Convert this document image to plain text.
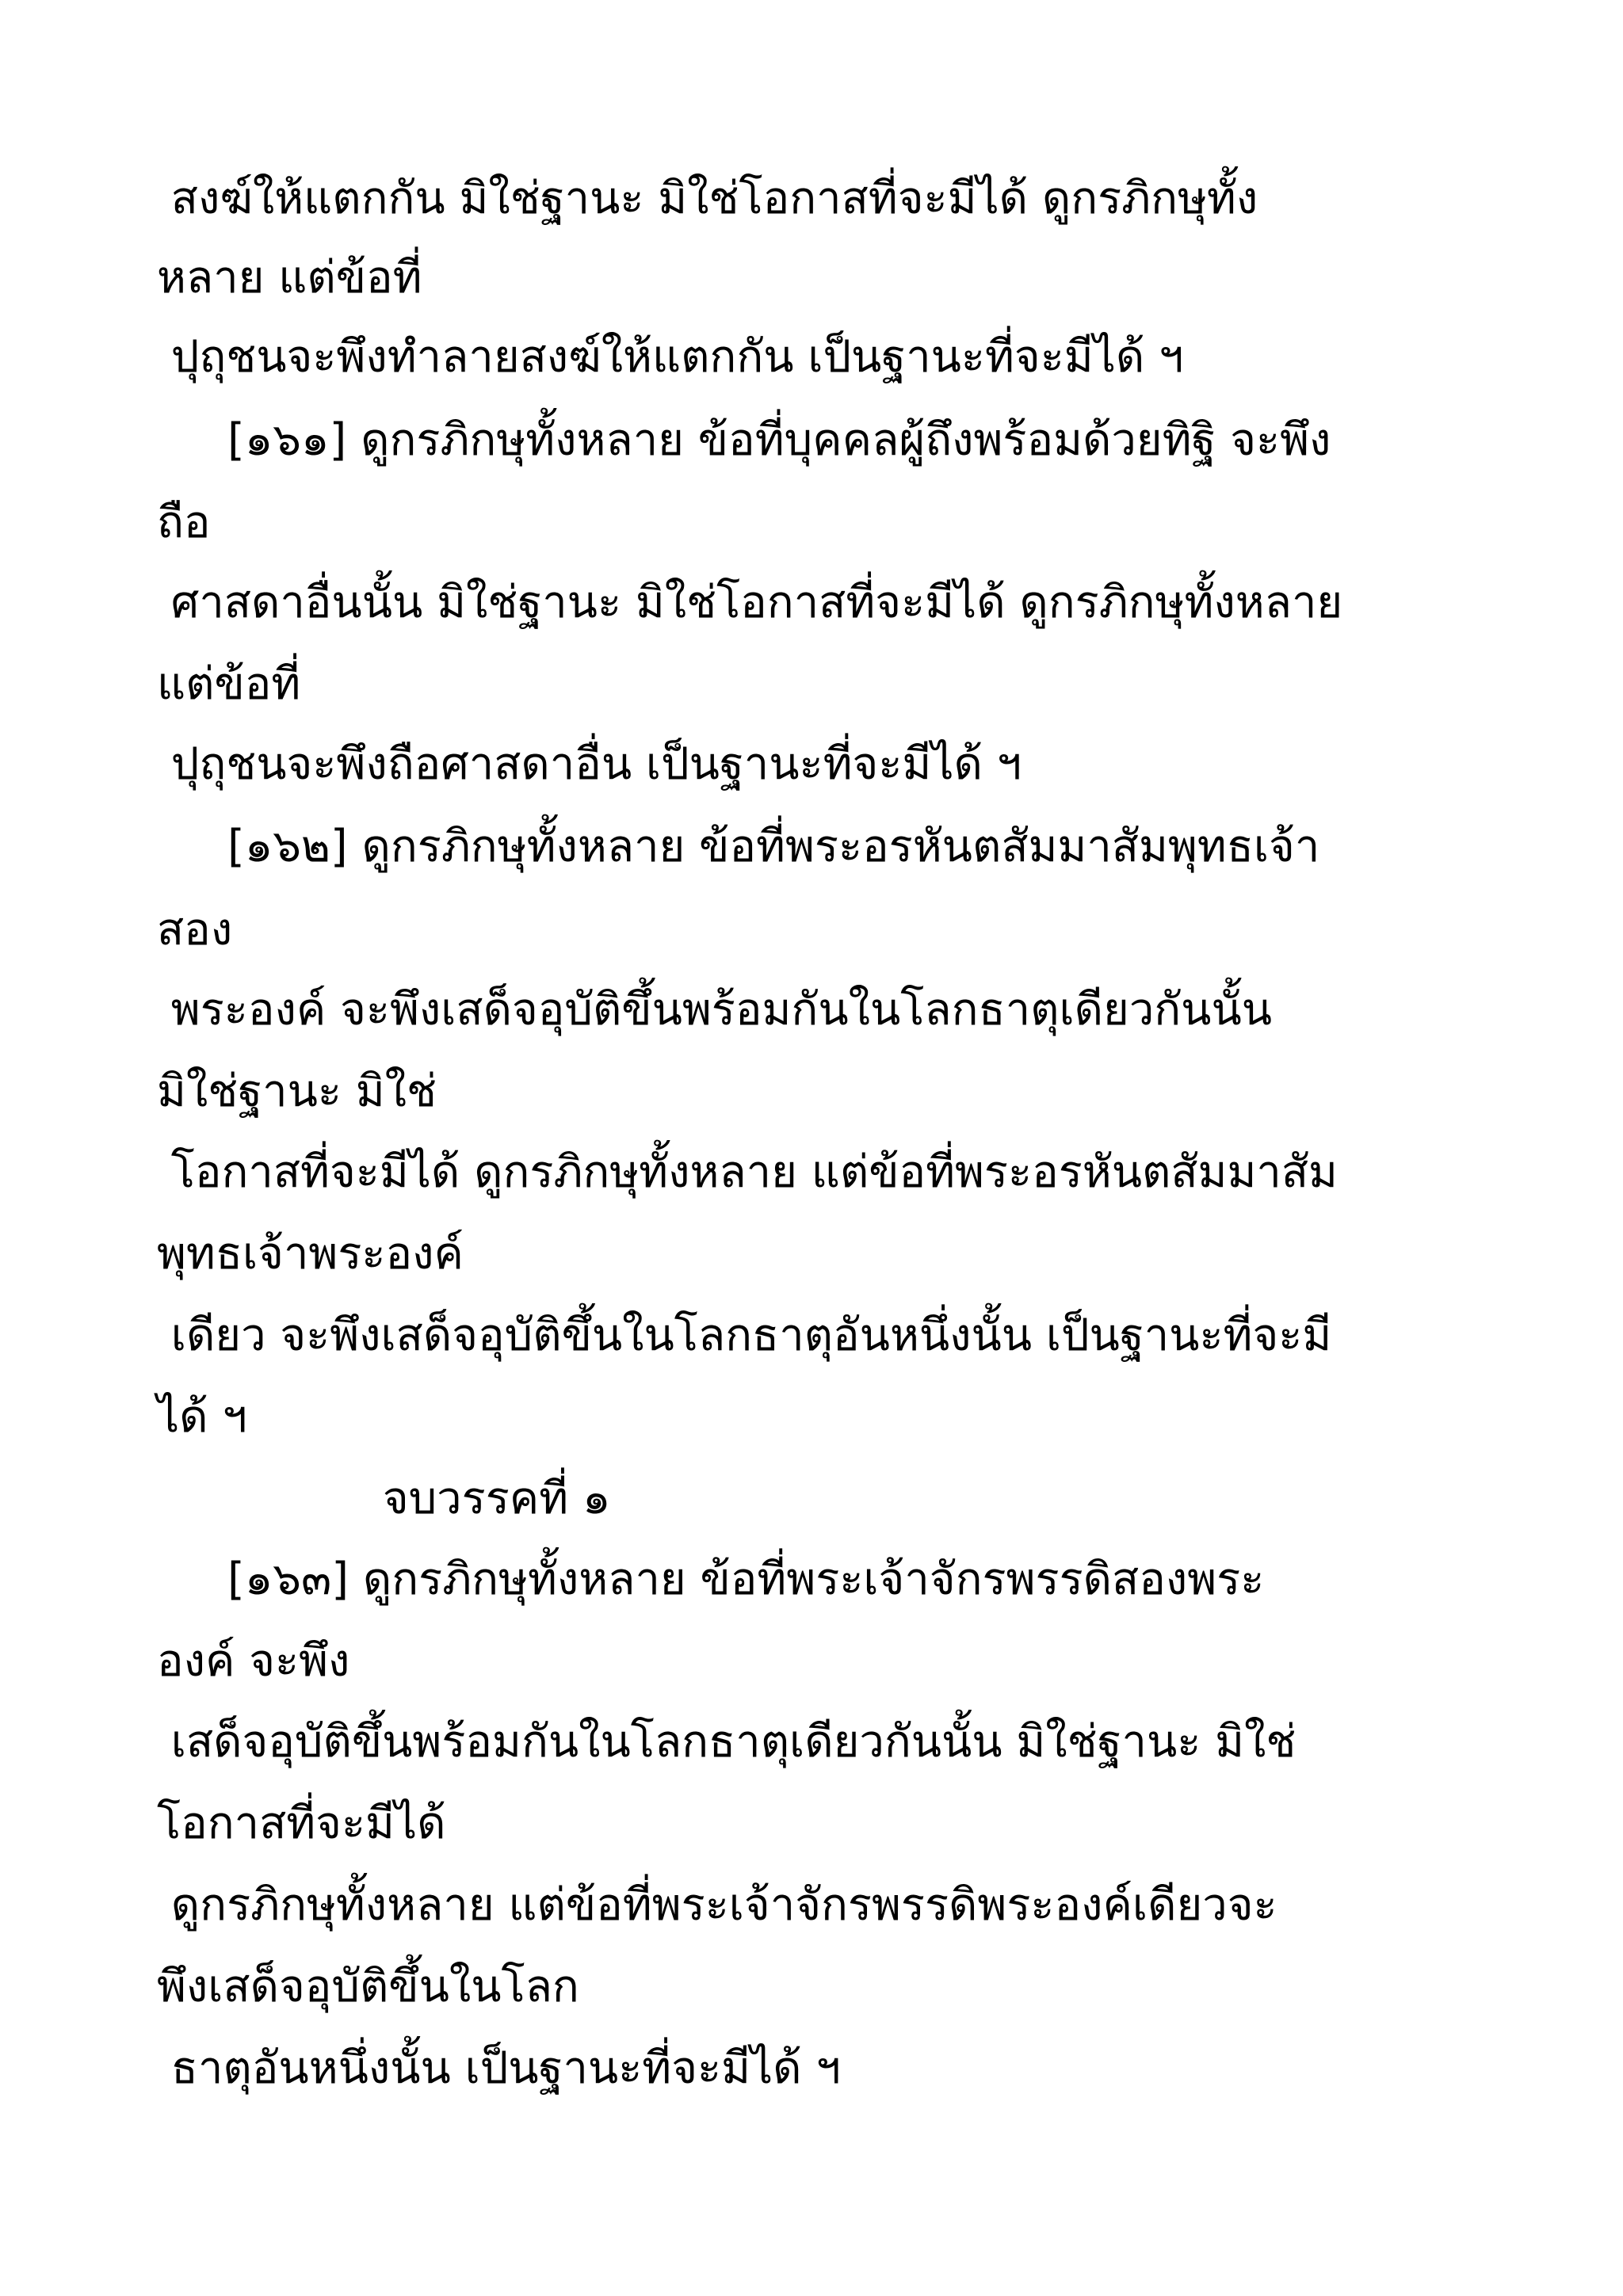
สงฆ์ให้แตกกัน มิใช่ฐานะ มิใช่โอกาสที่จะมีได้ ดูกรภิกษุทั้ง
หลาย แต่ข้อที่
ปุถุชนจะพึงทำลายสงฆ์ให้แตกกัน เป็นฐานะที่จะมีได้ ฯ
[๑๖๑] ดูกรภิกษุทั้งหลาย ข้อที่บุคคลผู้ถึงพร้อมด้วยทิฐิ จะพึง
ถือ
ศาสดาอื่นนั้น มิใช่ฐานะ มิใช่โอกาสที่จะมีได้ ดูกรภิกษุทั้งหลาย
แต่ข้อที่
ปุถุชนจะพึงถือศาสดาอื่น เป็นฐานะที่จะมีได้ ฯ
[๑๖๒] ดูกรภิกษุทั้งหลาย ข้อที่พระอรหันตสัมมาสัมพุทธเจ้า
สอง
พระองค์ จะพึงเสด็จอุบัติขึ้นพร้อมกันในโลกธาตุเดียวกันนั้น
มิใช่ฐานะ มิใช่
โอกาสที่จะมีได้ ดูกรภิกษุทั้งหลาย แต่ข้อที่พระอรหันตสัมมาสัม
พุทธเจ้าพระองค์
เดียว จะพึงเสด็จอุบัติขึ้นในโลกธาตุอันหนึ่งนั้น เป็นฐานะที่จะมี
ได้ ฯ
จบวรรคที่ ๑
[๑๖๓] ดูกรภิกษุทั้งหลาย ข้อที่พระเจ้าจักรพรรดิสองพระ
องค์ จะพึง
เสด็จอุบัติขึ้นพร้อมกันในโลกธาตุเดียวกันนั้น มิใช่ฐานะ มิใช่
โอกาสที่จะมีได้
ดูกรภิกษุทั้งหลาย แต่ข้อที่พระเจ้าจักรพรรดิพระองค์เดียวจะ
พึงเสด็จอุบัติขึ้นในโลก
ธาตุอันหนึ่งนั้น เป็นฐานะที่จะมีได้ ฯ
